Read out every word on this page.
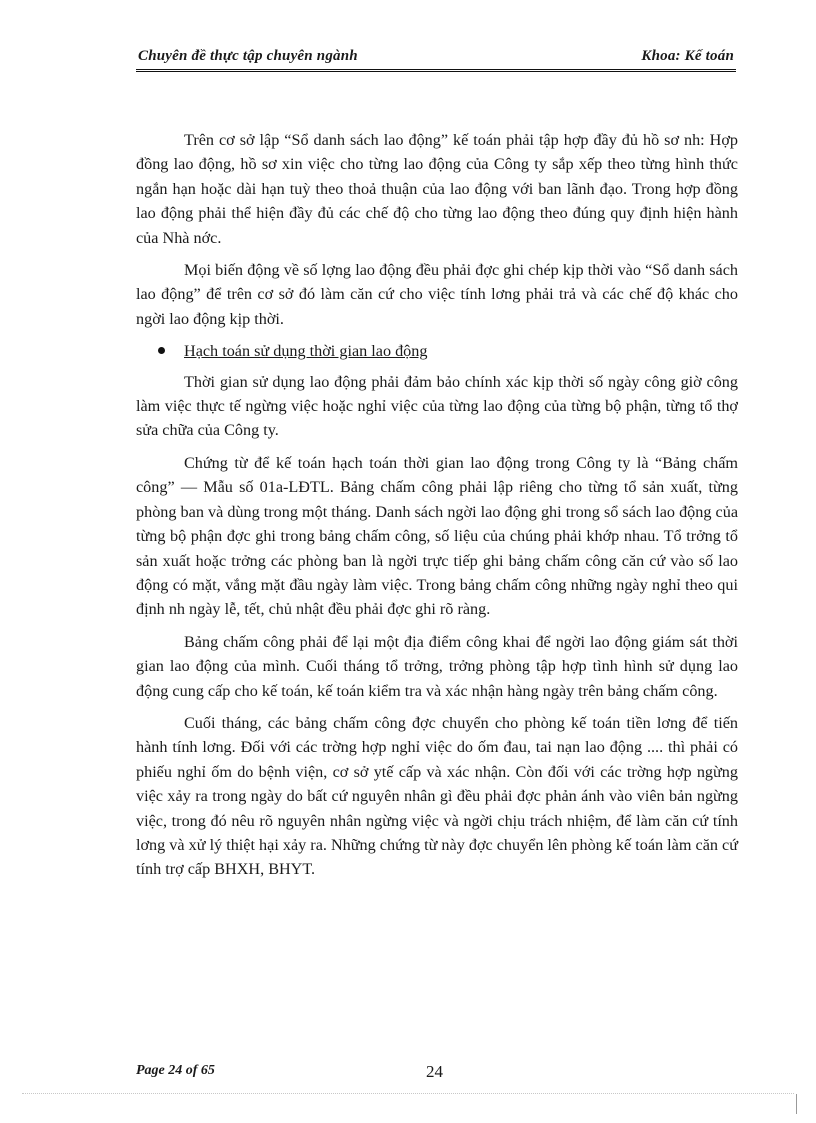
Chuyên đề thực tập chuyên ngành	Khoa: Kế toán

Trên cơ sở lập “Sổ danh sách lao động” kế toán phải tập hợp đầy đủ hồ sơ nh: Hợp đồng lao động, hồ sơ xin việc cho từng lao động của Công ty sắp xếp theo từng hình thức ngắn hạn hoặc dài hạn tuỳ theo thoả thuận của lao động với ban lãnh đạo. Trong hợp đồng lao động phải thể hiện đầy đủ các chế độ cho từng lao động theo đúng quy định hiện hành của Nhà nớc.

Mọi biến động về số lợng lao động đều phải đợc ghi chép kịp thời vào “Sổ danh sách lao động” để trên cơ sở đó làm căn cứ cho việc tính lơng phải trả và các chế độ khác cho ngời lao động kịp thời.

Hạch toán sử dụng thời gian lao động

Thời gian sử dụng lao động phải đảm bảo chính xác kịp thời số ngày công giờ công làm việc thực tế ngừng việc hoặc nghỉ việc của từng lao động của từng bộ phận, từng tổ thợ sửa chữa của Công ty.

Chứng từ để kế toán hạch toán thời gian lao động trong Công ty là “Bảng chấm công” — Mẫu số 01a-LĐTL. Bảng chấm công phải lập riêng cho từng tổ sản xuất, từng phòng ban và dùng trong một tháng. Danh sách ngời lao động ghi trong sổ sách lao động của từng bộ phận đợc ghi trong bảng chấm công, số liệu của chúng phải khớp nhau. Tổ trởng tổ sản xuất hoặc trởng các phòng ban là ngời trực tiếp ghi bảng chấm công căn cứ vào số lao động có mặt, vắng mặt đầu ngày làm việc. Trong bảng chấm công những ngày nghỉ theo qui định nh ngày lễ, tết, chủ nhật đều phải đợc ghi rõ ràng.

Bảng chấm công phải để lại một địa điểm công khai để ngời lao động giám sát thời gian lao động của mình. Cuối tháng tổ trởng, trởng phòng tập hợp tình hình sử dụng lao động cung cấp cho kế toán, kế toán kiểm tra và xác nhận hàng ngày trên bảng chấm công.

Cuối tháng, các bảng chấm công đợc chuyển cho phòng kế toán tiền lơng để tiến hành tính lơng. Đối với các trờng hợp nghỉ việc do ốm đau, tai nạn lao động .... thì phải có phiếu nghỉ ốm do bệnh viện, cơ sở ytế cấp và xác nhận. Còn đối với các trờng hợp ngừng việc xảy ra trong ngày do bất cứ nguyên nhân gì đều phải đợc phản ánh vào viên bản ngừng việc, trong đó nêu rõ nguyên nhân ngừng việc và ngời chịu trách nhiệm, để làm căn cứ tính lơng và xử lý thiệt hại xảy ra. Những chứng từ này đợc chuyển lên phòng kế toán làm căn cứ tính trợ cấp BHXH, BHYT.

Page 24 of 65	24
